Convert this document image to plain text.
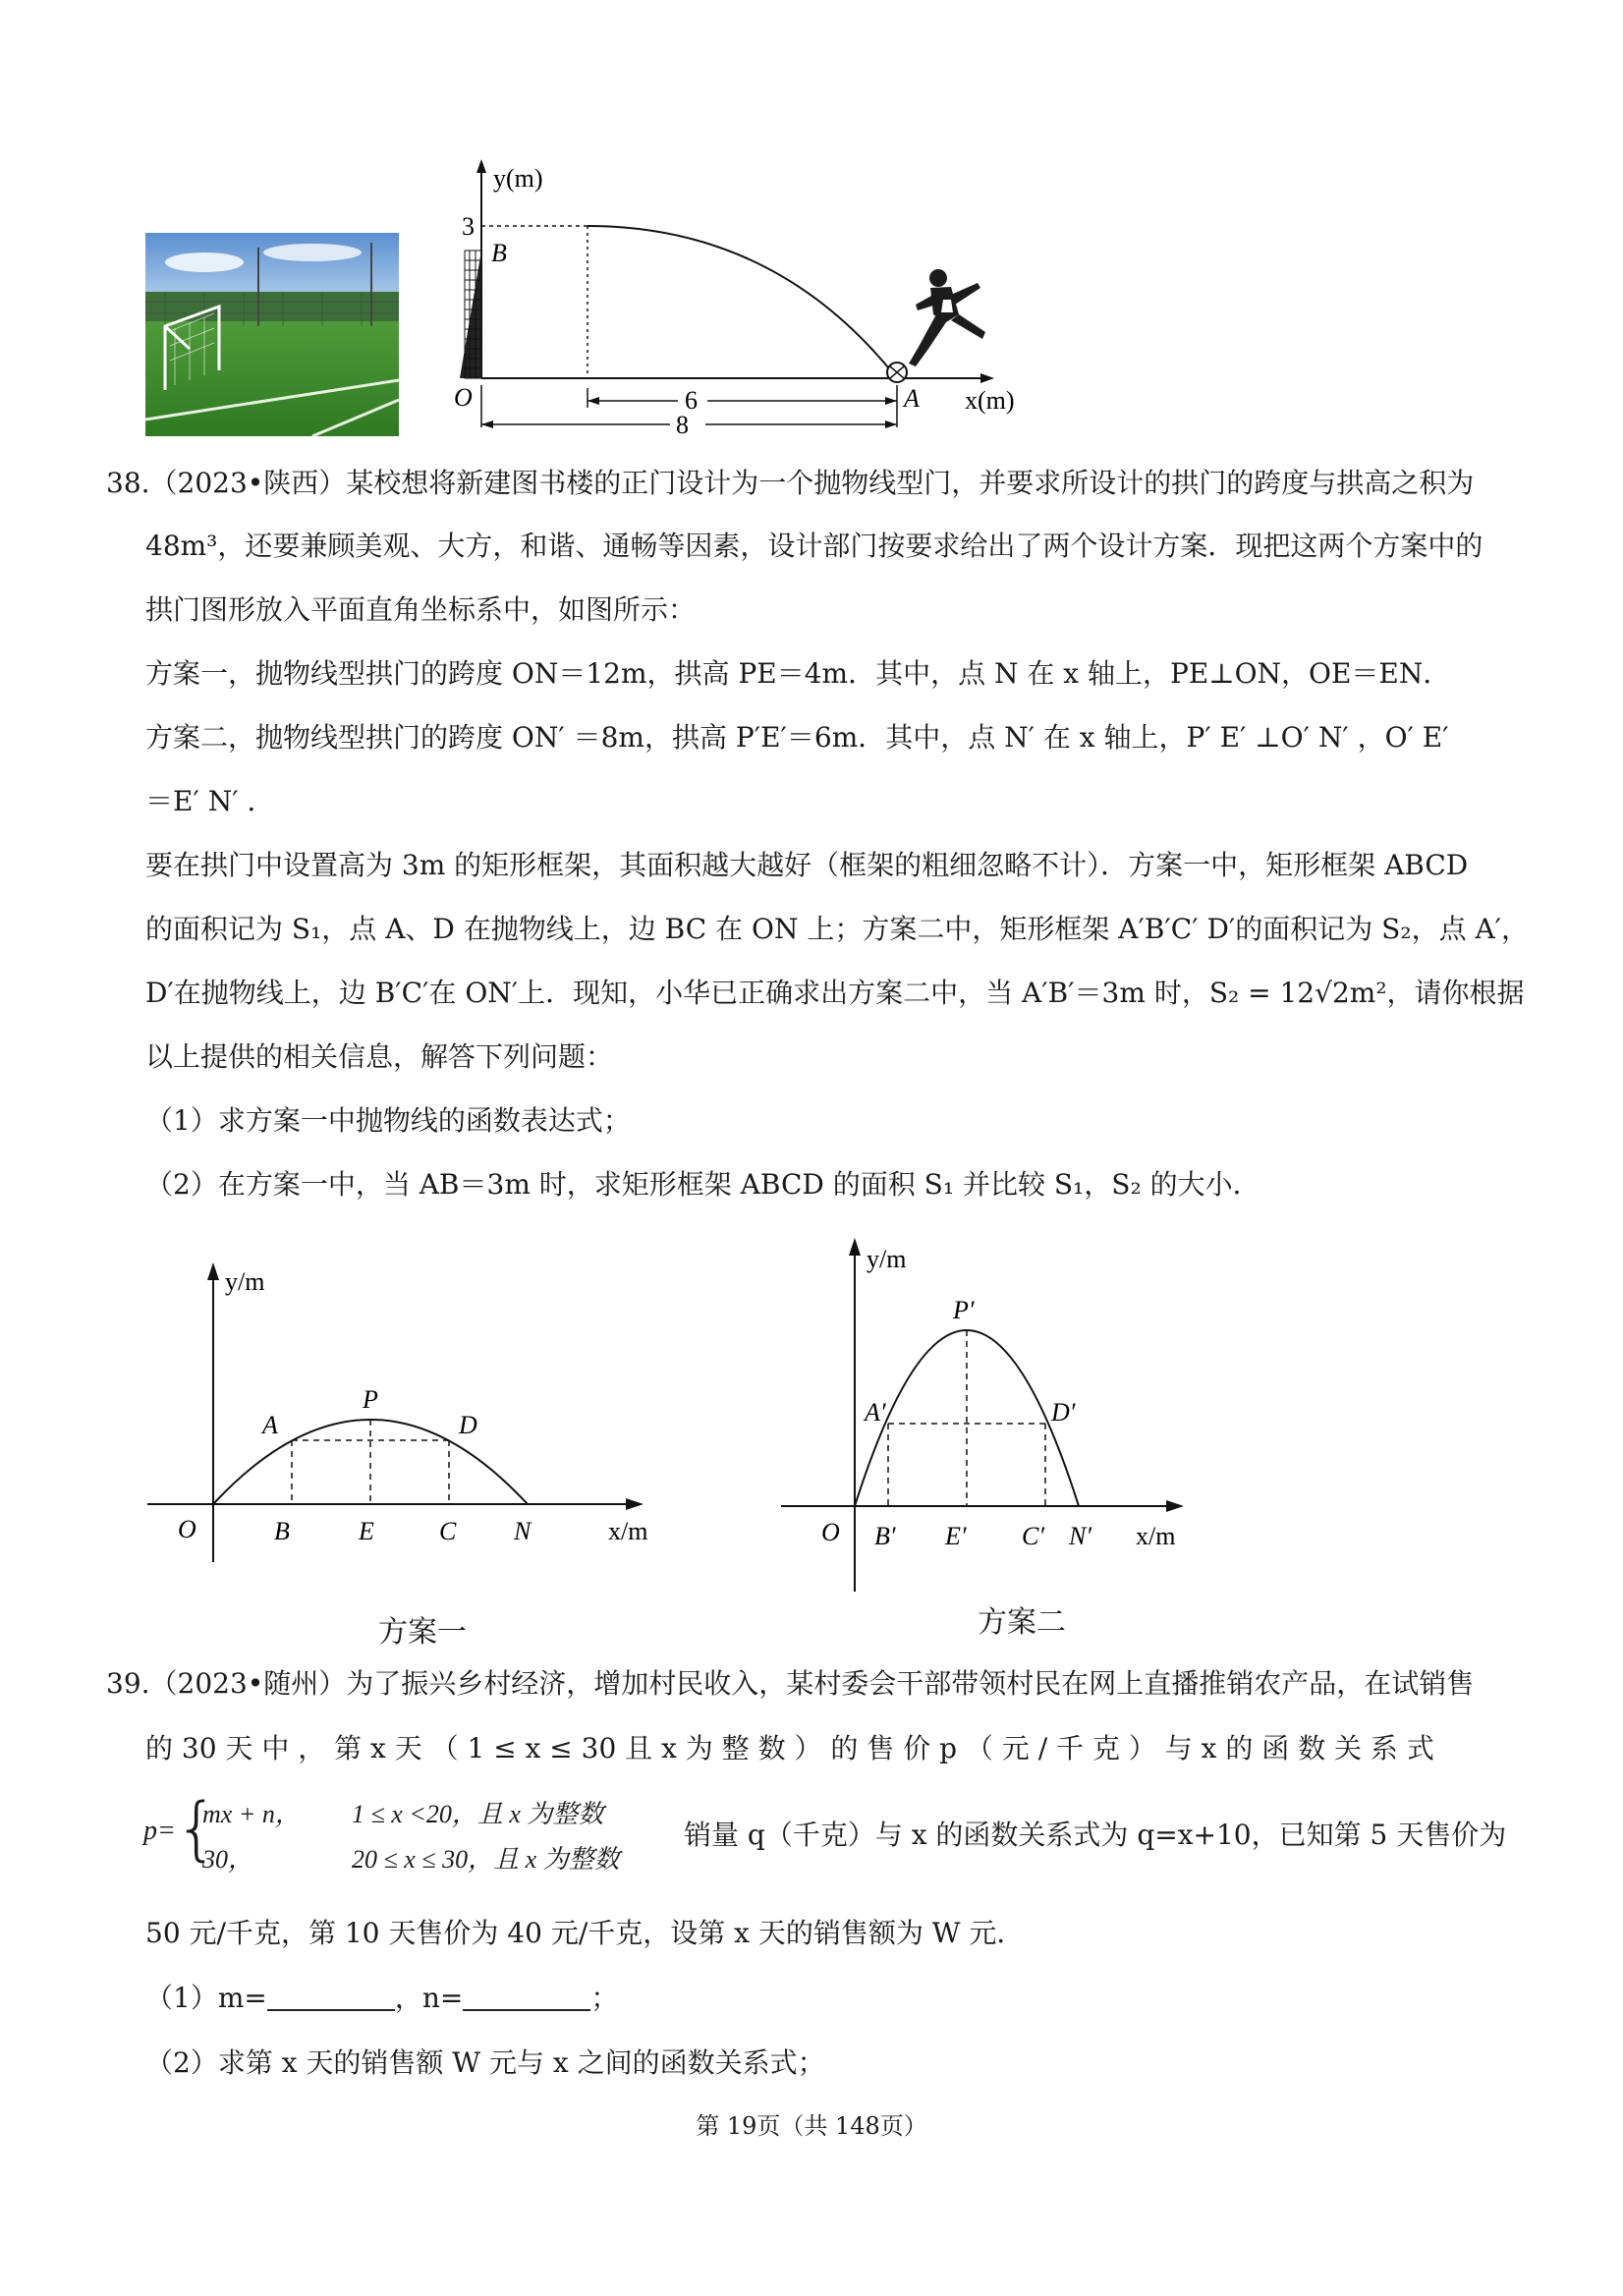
y(m)
3
B
O	A x(m)
6
8
38.（2023•陕西）某校想将新建图书楼的正门设计为一个抛物线型门，并要求所设计的拱门的跨度与拱高之积为
48m³，还要兼顾美观、大方，和谐、通畅等因素，设计部门按要求给出了两个设计方案．现把这两个方案中的
拱门图形放入平面直角坐标系中，如图所示：
方案一，抛物线型拱门的跨度 ON＝12m，拱高 PE＝4m．其中，点 N 在 x 轴上，PE⊥ON，OE＝EN．
方案二，抛物线型拱门的跨度 ON′ ＝8m，拱高 P′E′＝6m．其中，点 N′ 在 x 轴上，P′ E′ ⊥O′ N′ ，O′ E′
＝E′ N′ ．
要在拱门中设置高为 3m 的矩形框架，其面积越大越好（框架的粗细忽略不计）．方案一中，矩形框架 ABCD
的面积记为 S₁，点 A、D 在抛物线上，边 BC 在 ON 上；方案二中，矩形框架 A′B′C′ D′的面积记为 S₂，点 A′，
D′在抛物线上，边 B′C′在 ON′上．现知，小华已正确求出方案二中，当 A′B′＝3m 时，S₂ = 12√2m²，请你根据
以上提供的相关信息，解答下列问题：
（1）求方案一中抛物线的函数表达式；
（2）在方案一中，当 AB＝3m 时，求矩形框架 ABCD 的面积 S₁ 并比较 S₁，S₂ 的大小．
y/m
P
A	D
O	B	E	C N	x/m
方案一
y/m
P′
A′	D′
O B′ E′ C′ N′ x/m
方案二
39.（2023•随州）为了振兴乡村经济，增加村民收入，某村委会干部带领村民在网上直播推销农产品，在试销售
的 30 天 中 ， 第 x 天 （ 1 ≤ x ≤ 30 且 x 为 整 数 ） 的 售 价 p （ 元 / 千 克 ） 与 x 的 函 数 关 系 式
p= {
mx + n， 1 ≤ x <20，且 x 为整数
30，	20 ≤ x ≤ 30，且 x 为整数
销量 q（千克）与 x 的函数关系式为 q=x+10，已知第 5 天售价为
50 元/千克，第 10 天售价为 40 元/千克，设第 x 天的销售额为 W 元．
（1）m=	，n=	；
（2）求第 x 天的销售额 W 元与 x 之间的函数关系式；
第 19页（共 148页）
